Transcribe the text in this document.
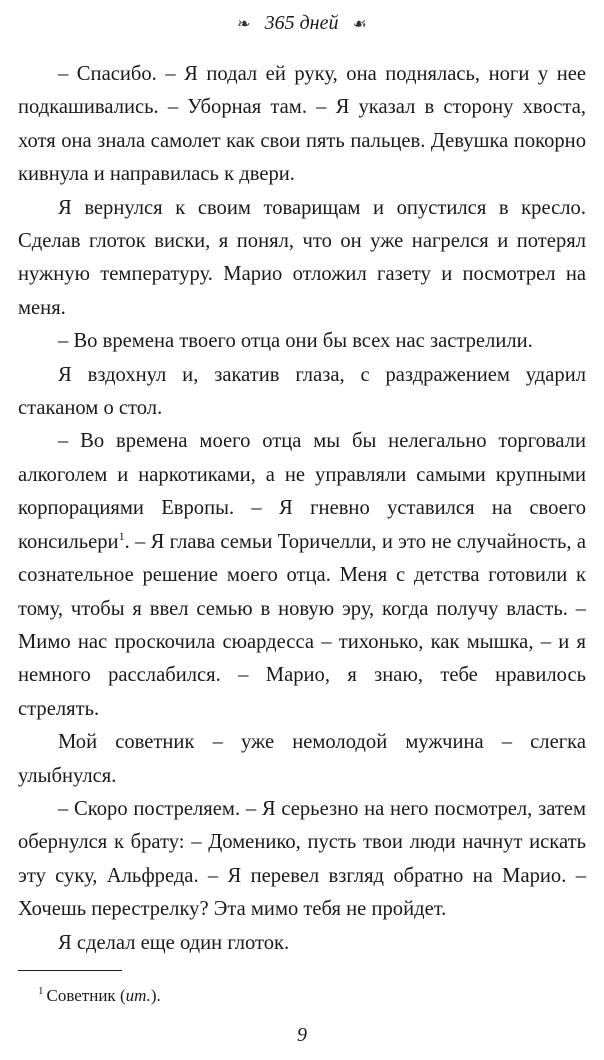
❧ 365 дней ☙

– Спасибо. – Я подал ей руку, она поднялась, ноги у нее подкашивались. – Уборная там. – Я указал в сторону хвоста, хотя она знала самолет как свои пять пальцев. Девушка покорно кивнула и направилась к двери.

Я вернулся к своим товарищам и опустился в кресло. Сделав глоток виски, я понял, что он уже нагрелся и потерял нужную температуру. Марио отложил газету и посмотрел на меня.

– Во времена твоего отца они бы всех нас застрелили.

Я вздохнул и, закатив глаза, с раздражением ударил стаканом о стол.

– Во времена моего отца мы бы нелегально торговали алкоголем и наркотиками, а не управляли самыми крупными корпорациями Европы. – Я гневно уставился на своего консильери$^1$. – Я глава семьи Торичелли, и это не случайность, а сознательное решение моего отца. Меня с детства готовили к тому, чтобы я ввел семью в новую эру, когда получу власть. – Мимо нас проскочила сюардесса – тихонько, как мышка, – и я немного расслабился. – Марио, я знаю, тебе нравилось стрелять.

Мой советник – уже немолодой мужчина – слегка улыбнулся.

– Скоро постреляем. – Я серьезно на него посмотрел, затем обернулся к брату: – Доменико, пусть твои люди начнут искать эту суку, Альфреда. – Я перевел взгляд обратно на Марио. – Хочешь перестрелку? Эта мимо тебя не пройдет.

Я сделал еще один глоток.

$^1$ Советник (ит.).
9
